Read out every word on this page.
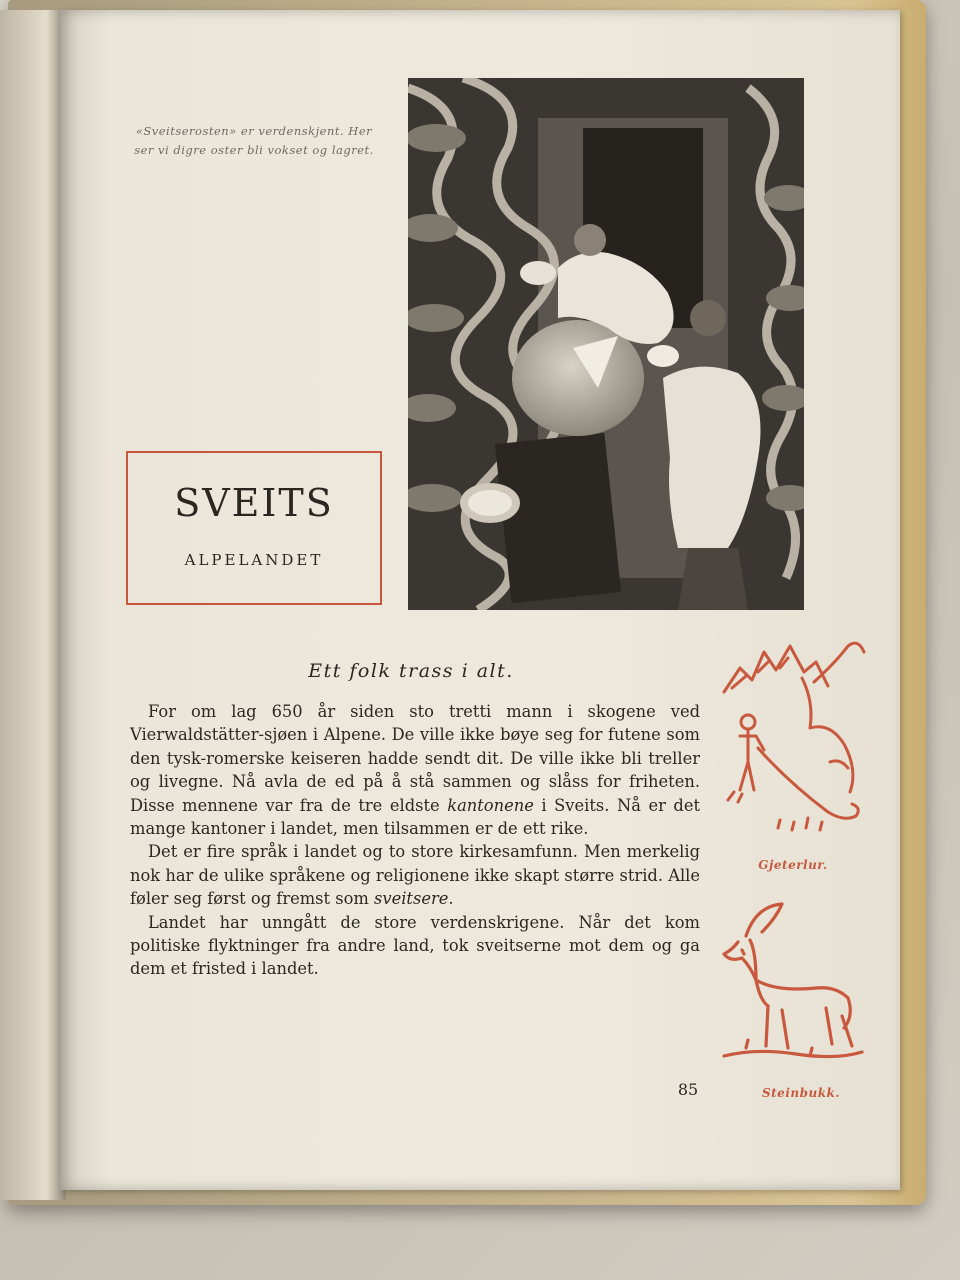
«Sveitserosten» er verdenskjent. Her ser vi digre oster bli vokset og lagret.
SVEITS
ALPELANDET
Ett folk trass i alt.

For om lag 650 år siden sto tretti mann i skogene ved Vierwaldstätter-sjøen i Alpene. De ville ikke bøye seg for futene som den tysk-romerske keiseren hadde sendt dit. De ville ikke bli treller og livegne. Nå avla de ed på å stå sammen og slåss for friheten. Disse mennene var fra de tre eldste kantonene i Sveits. Nå er det mange kantoner i landet, men tilsammen er de ett rike.

Det er fire språk i landet og to store kirkesamfunn. Men merkelig nok har de ulike språkene og religionene ikke skapt større strid. Alle føler seg først og fremst som sveitsere.

Landet har unngått de store verdenskrigene. Når det kom politiske flyktninger fra andre land, tok sveitserne mot dem og ga dem et fristed i landet.

85
Gjeterlur.
Steinbukk.
